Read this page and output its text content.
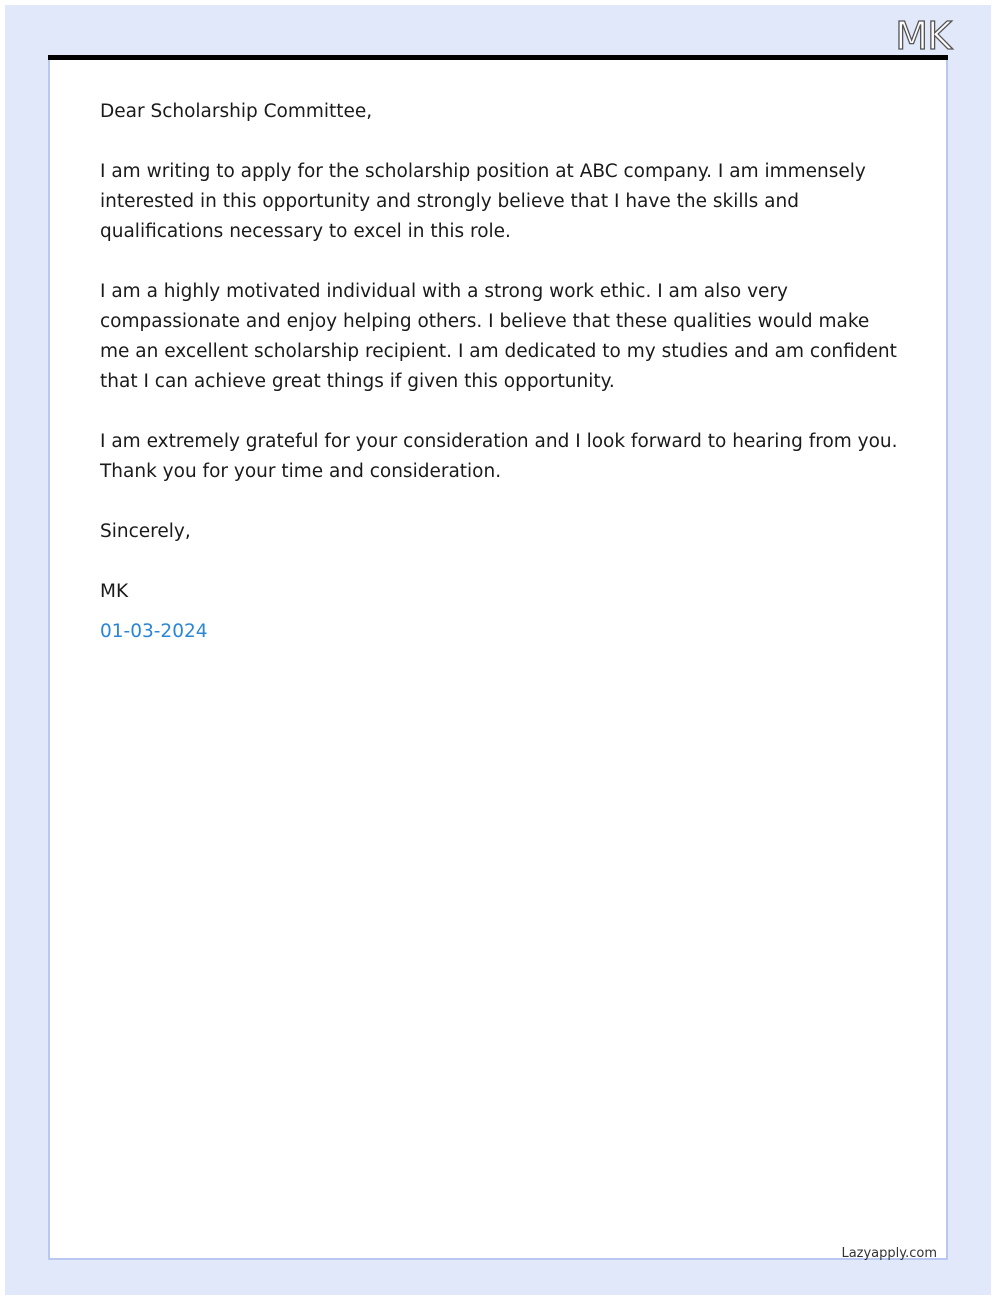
MK

Dear Scholarship Committee,

I am writing to apply for the scholarship position at ABC company. I am immensely interested in this opportunity and strongly believe that I have the skills and qualifications necessary to excel in this role.

I am a highly motivated individual with a strong work ethic. I am also very compassionate and enjoy helping others. I believe that these qualities would make me an excellent scholarship recipient. I am dedicated to my studies and am confident that I can achieve great things if given this opportunity.

I am extremely grateful for your consideration and I look forward to hearing from you. Thank you for your time and consideration.

Sincerely,

MK

01-03-2024

Lazyapply.com
